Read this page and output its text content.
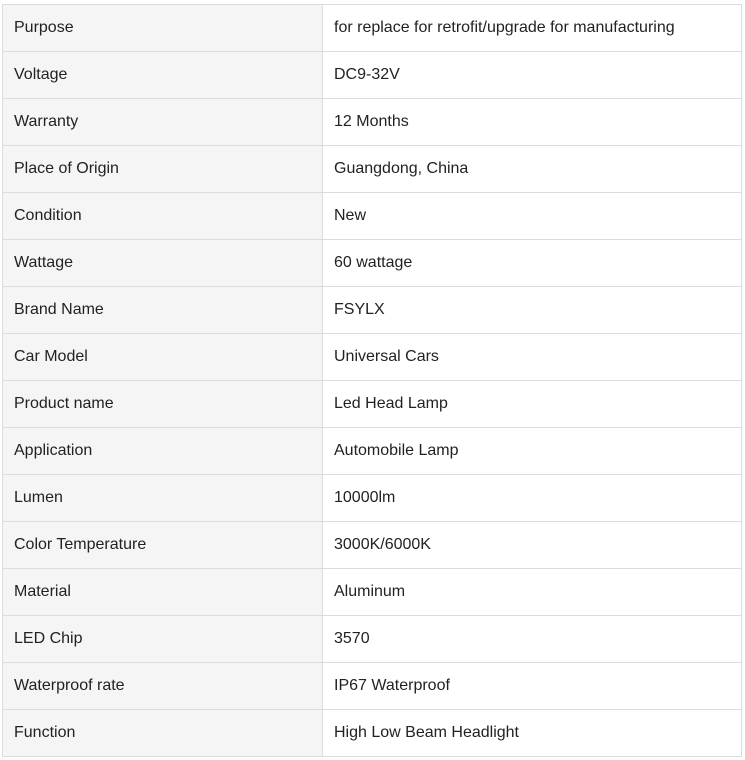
Purpose	for replace for retrofit/upgrade for manufacturing
Voltage	DC9-32V
Warranty	12 Months
Place of Origin	Guangdong, China
Condition	New
Wattage	60 wattage
Brand Name	FSYLX
Car Model	Universal Cars
Product name	Led Head Lamp
Application	Automobile Lamp
Lumen	10000lm
Color Temperature	3000K/6000K
Material	Aluminum
LED Chip	3570
Waterproof rate	IP67 Waterproof
Function	High Low Beam Headlight
